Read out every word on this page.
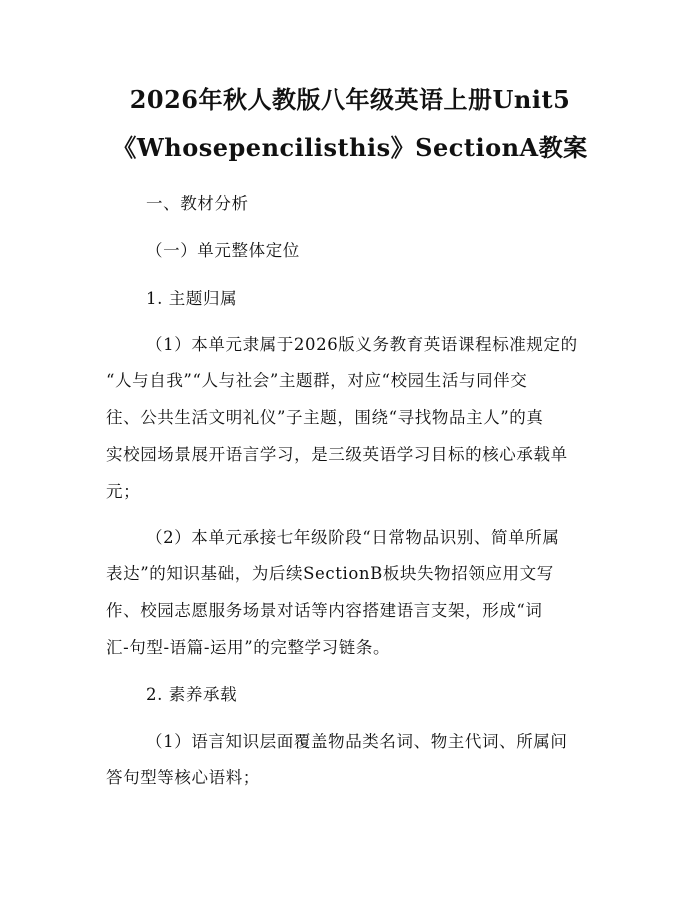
2026年秋人教版八年级英语上册Unit5
《Whosepencilisthis》SectionA教案
一、教材分析
（一）单元整体定位
1. 主题归属
（1）本单元隶属于2026版义务教育英语课程标准规定的
“人与自我”“人与社会”主题群，对应“校园生活与同伴交
往、公共生活文明礼仪”子主题，围绕“寻找物品主人”的真
实校园场景展开语言学习，是三级英语学习目标的核心承载单
元；
（2）本单元承接七年级阶段“日常物品识别、简单所属
表达”的知识基础，为后续SectionB板块失物招领应用文写
作、校园志愿服务场景对话等内容搭建语言支架，形成“词
汇-句型-语篇-运用”的完整学习链条。
2. 素养承载
（1）语言知识层面覆盖物品类名词、物主代词、所属问
答句型等核心语料；
